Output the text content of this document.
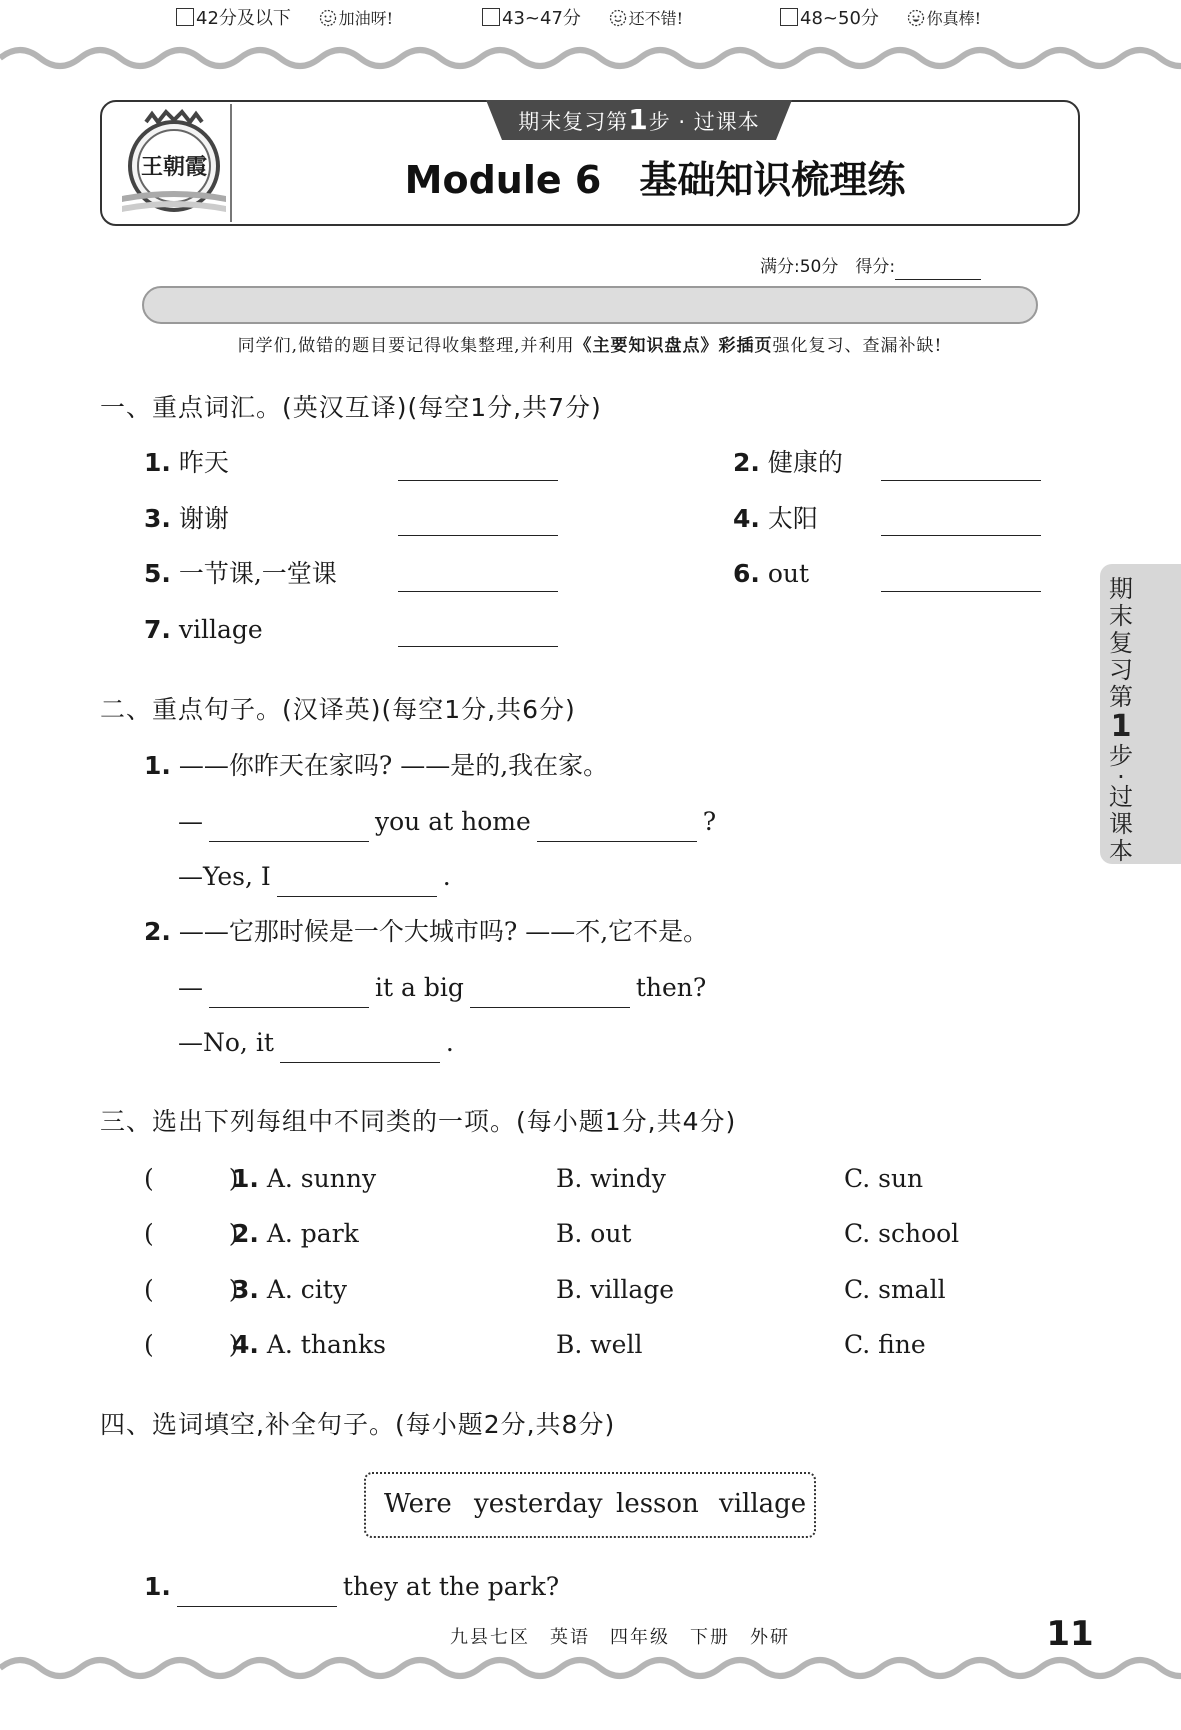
王朝霞
期末复习第1步 · 过课本
Module 6　基础知识梳理练
满分:50分　 得分:
42分及以下	加油呀!	43~47分	还不错!	48~50分	你真棒!
同学们,做错的题目要记得收集整理,并利用《主要知识盘点》彩插页强化复习、查漏补缺!
一、重点词汇。(英汉互译)(每空1分,共7分)
1. 昨天	2. 健康的
3. 谢谢	4. 太阳
5. 一节课,一堂课	6. out
7. village
二、重点句子。(汉译英)(每空1分,共6分)
1. ——你昨天在家吗? ——是的,我在家。
—	you at home	?
—Yes, I	.
2. ——它那时候是一个大城市吗? ——不,它不是。
—	it a big	then?
—No, it	.
三、选出下列每组中不同类的一项。(每小题1分,共4分)
(　　　)
1. A. sunny	B. windy	C. sun
(　　　)
2. A. park	B. out	C. school
(　　　)
3. A. city	B. village	C. small
(　　　)
4. A. thanks	B. well	C. fine
四、选词填空,补全句子。(每小题2分,共8分)
Were yesterday lesson village
1.	they at the park?
期
末
复
习
第
1
步
·
过
课
本
九县七区　英语　四年级　下册　外研	11
